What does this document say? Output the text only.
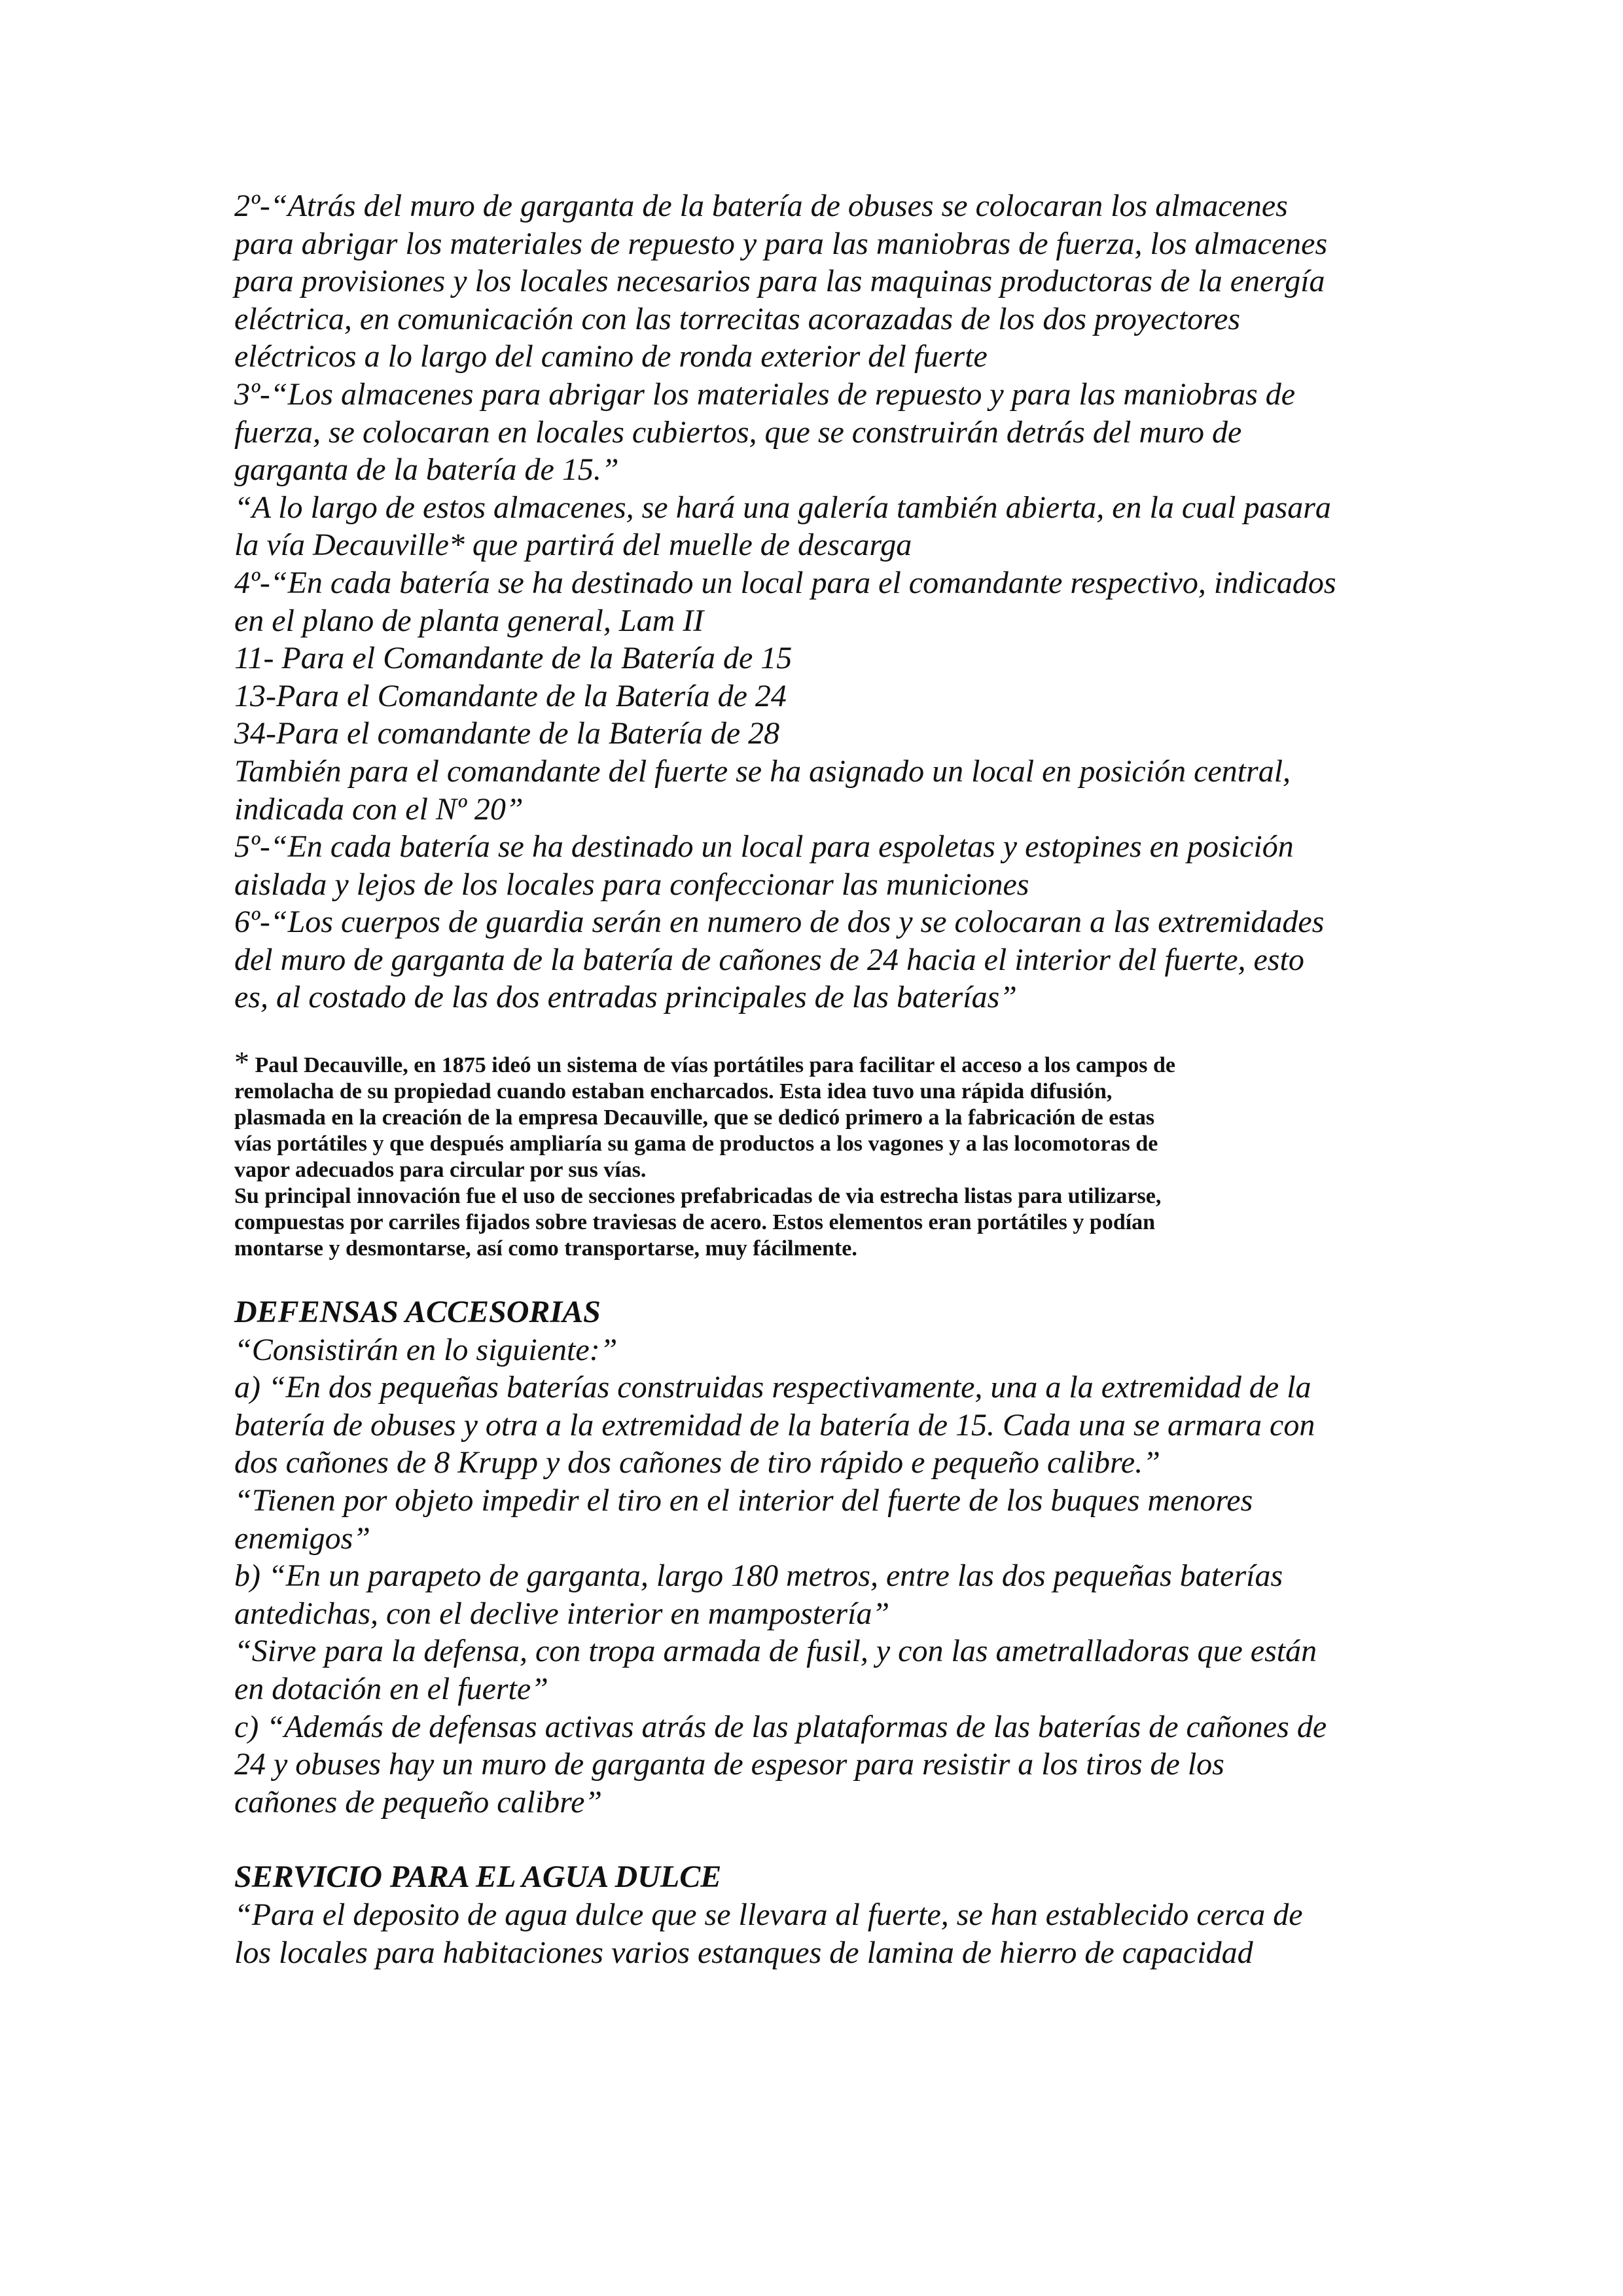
2º-“Atrás del muro de garganta de la batería de obuses se colocaran los almacenes
para abrigar los materiales de repuesto y para las maniobras de fuerza, los almacenes
para provisiones y los locales necesarios para las maquinas productoras de la energía
eléctrica, en comunicación con las torrecitas acorazadas de los dos proyectores
eléctricos a lo largo del camino de ronda exterior del fuerte
3º-“Los almacenes para abrigar los materiales de repuesto y para las maniobras de
fuerza, se colocaran en locales cubiertos, que se construirán detrás del muro de
garganta de la batería de 15.”
“A lo largo de estos almacenes, se hará una galería también abierta, en la cual pasara
la vía Decauville* que partirá del muelle de descarga
4º-“En cada batería se ha destinado un local para el comandante respectivo, indicados
en el plano de planta general, Lam II
11- Para el Comandante de la Batería de 15
13-Para el Comandante de la Batería de 24
34-Para el comandante de la Batería de 28
También para el comandante del fuerte se ha asignado un local en posición central,
indicada con el Nº 20”
5º-“En cada batería se ha destinado un local para espoletas y estopines en posición
aislada y lejos de los locales para confeccionar las municiones
6º-“Los cuerpos de guardia serán en numero de dos y se colocaran a las extremidades
del muro de garganta de la batería de cañones de 24 hacia el interior del fuerte, esto
es, al costado de las dos entradas principales de las baterías”
* Paul Decauville, en 1875 ideó un sistema de vías portátiles para facilitar el acceso a los campos de
remolacha de su propiedad cuando estaban encharcados. Esta idea tuvo una rápida difusión,
plasmada en la creación de la empresa Decauville, que se dedicó primero a la fabricación de estas
vías portátiles y que después ampliaría su gama de productos a los vagones y a las locomotoras de
vapor adecuados para circular por sus vías.
Su principal innovación fue el uso de secciones prefabricadas de via estrecha listas para utilizarse,
compuestas por carriles fijados sobre traviesas de acero. Estos elementos eran portátiles y podían
montarse y desmontarse, así como transportarse, muy fácilmente.
DEFENSAS ACCESORIAS
“Consistirán en lo siguiente:”
a) “En dos pequeñas baterías construidas respectivamente, una a la extremidad de la
batería de obuses y otra a la extremidad de la batería de 15. Cada una se armara con
dos cañones de 8 Krupp y dos cañones de tiro rápido e pequeño calibre.”
“Tienen por objeto impedir el tiro en el interior del fuerte de los buques menores
enemigos”
b) “En un parapeto de garganta, largo 180 metros, entre las dos pequeñas baterías
antedichas, con el declive interior en mampostería”
“Sirve para la defensa, con tropa armada de fusil, y con las ametralladoras que están
en dotación en el fuerte”
c) “Además de defensas activas atrás de las plataformas de las baterías de cañones de
24 y obuses hay un muro de garganta de espesor para resistir a los tiros de los
cañones de pequeño calibre”
SERVICIO PARA EL AGUA DULCE
“Para el deposito de agua dulce que se llevara al fuerte, se han establecido cerca de
los locales para habitaciones varios estanques de lamina de hierro de capacidad
